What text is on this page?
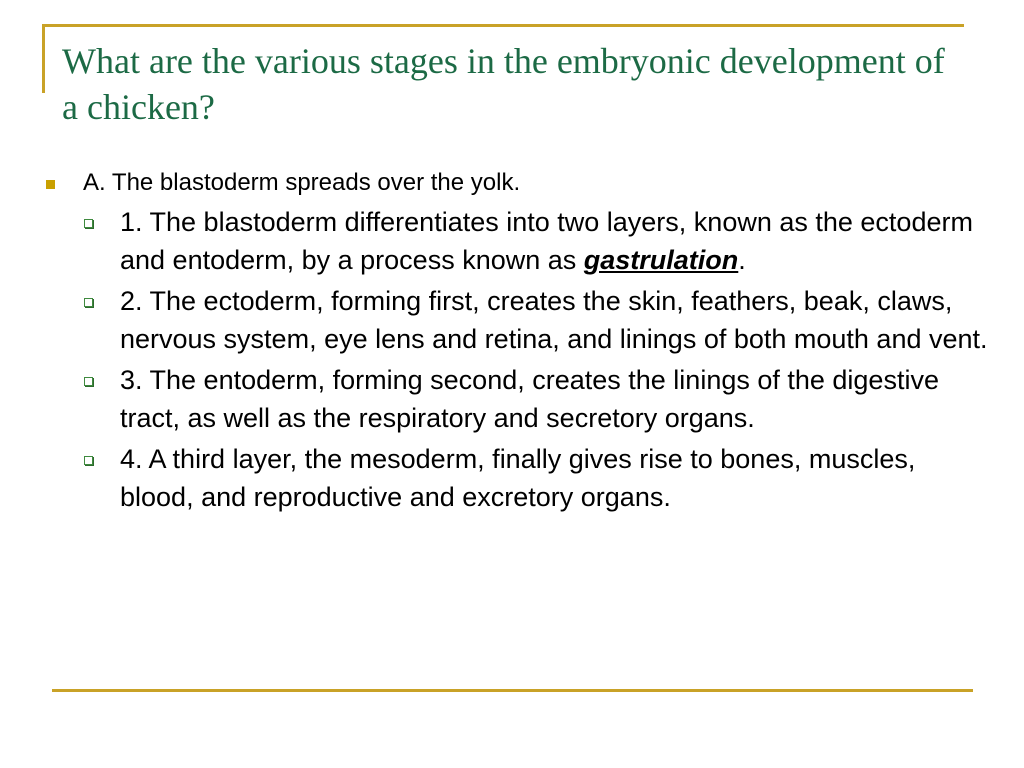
What are the various stages in the embryonic development of a chicken?
A. The blastoderm spreads over the yolk.
1. The blastoderm differentiates into two layers, known as the ectoderm and entoderm, by a process known as gastrulation.
2. The ectoderm, forming first, creates the skin, feathers, beak, claws, nervous system, eye lens and retina, and linings of both mouth and vent.
3. The entoderm, forming second, creates the linings of the digestive tract, as well as the respiratory and secretory organs.
4. A third layer, the mesoderm, finally gives rise to bones, muscles, blood, and reproductive and excretory organs.
